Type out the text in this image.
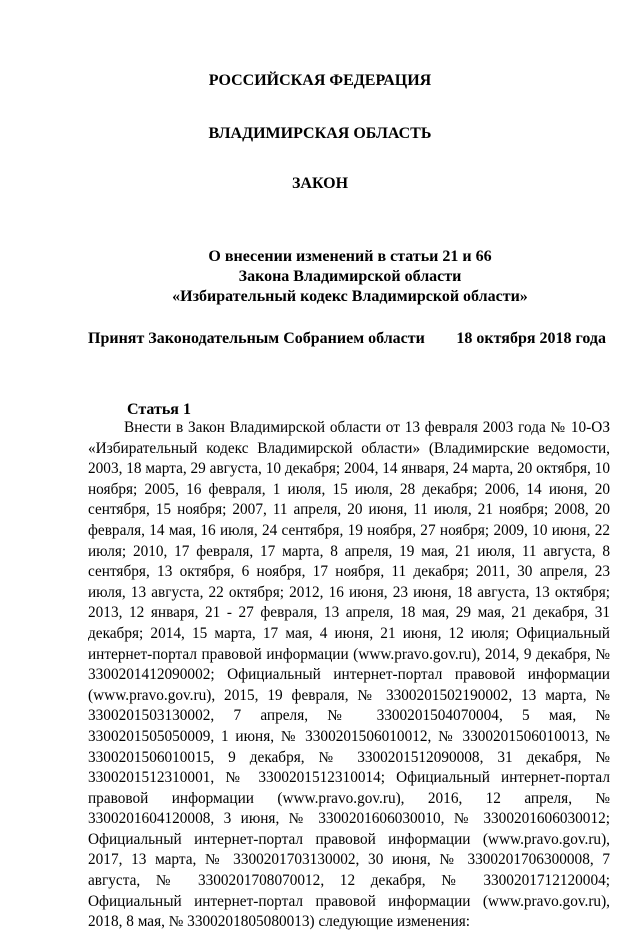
РОССИЙСКАЯ ФЕДЕРАЦИЯ
ВЛАДИМИРСКАЯ ОБЛАСТЬ
ЗАКОН
О внесении изменений в статьи 21 и 66
Закона Владимирской области
«Избирательный кодекс Владимирской области»
Принят Законодательным Собранием области 18 октября 2018 года
Статья 1

Внести в Закон Владимирской области от 13 февраля 2003 года № 10-ОЗ «Избирательный кодекс Владимирской области» (Владимирские ведомости, 2003, 18 марта, 29 августа, 10 декабря; 2004, 14 января, 24 марта, 20 октября, 10 ноября; 2005, 16 февраля, 1 июля, 15 июля, 28 декабря; 2006, 14 июня, 20 сентября, 15 ноября; 2007, 11 апреля, 20 июня, 11 июля, 21 ноября; 2008, 20 февраля, 14 мая, 16 июля, 24 сентября, 19 ноября, 27 ноября; 2009, 10 июня, 22 июля; 2010, 17 февраля, 17 марта, 8 апреля, 19 мая, 21 июля, 11 августа, 8 сентября, 13 октября, 6 ноября, 17 ноября, 11 декабря; 2011, 30 апреля, 23 июля, 13 августа, 22 октября; 2012, 16 июня, 23 июня, 18 августа, 13 октября; 2013, 12 января, 21 - 27 февраля, 13 апреля, 18 мая, 29 мая, 21 декабря, 31 декабря; 2014, 15 марта, 17 мая, 4 июня, 21 июня, 12 июля; Официальный интернет-портал правовой информации (www.pravo.gov.ru), 2014, 9 декабря, № 3300201412090002; Официальный интернет-портал правовой информации (www.pravo.gov.ru), 2015, 19 февраля, № 3300201502190002, 13 марта, № 3300201503130002, 7 апреля, № 3300201504070004, 5 мая, № 3300201505050009, 1 июня, № 3300201506010012, № 3300201506010013, № 3300201506010015, 9 декабря, № 3300201512090008, 31 декабря, № 3300201512310001, № 3300201512310014; Официальный интернет-портал правовой информации (www.pravo.gov.ru), 2016, 12 апреля, № 3300201604120008, 3 июня, № 3300201606030010, № 3300201606030012; Официальный интернет-портал правовой информации (www.pravo.gov.ru), 2017, 13 марта, № 3300201703130002, 30 июня, № 3300201706300008, 7 августа, № 3300201708070012, 12 декабря, № 3300201712120004; Официальный интернет-портал правовой информации (www.pravo.gov.ru), 2018, 8 мая, № 3300201805080013) следующие изменения:
